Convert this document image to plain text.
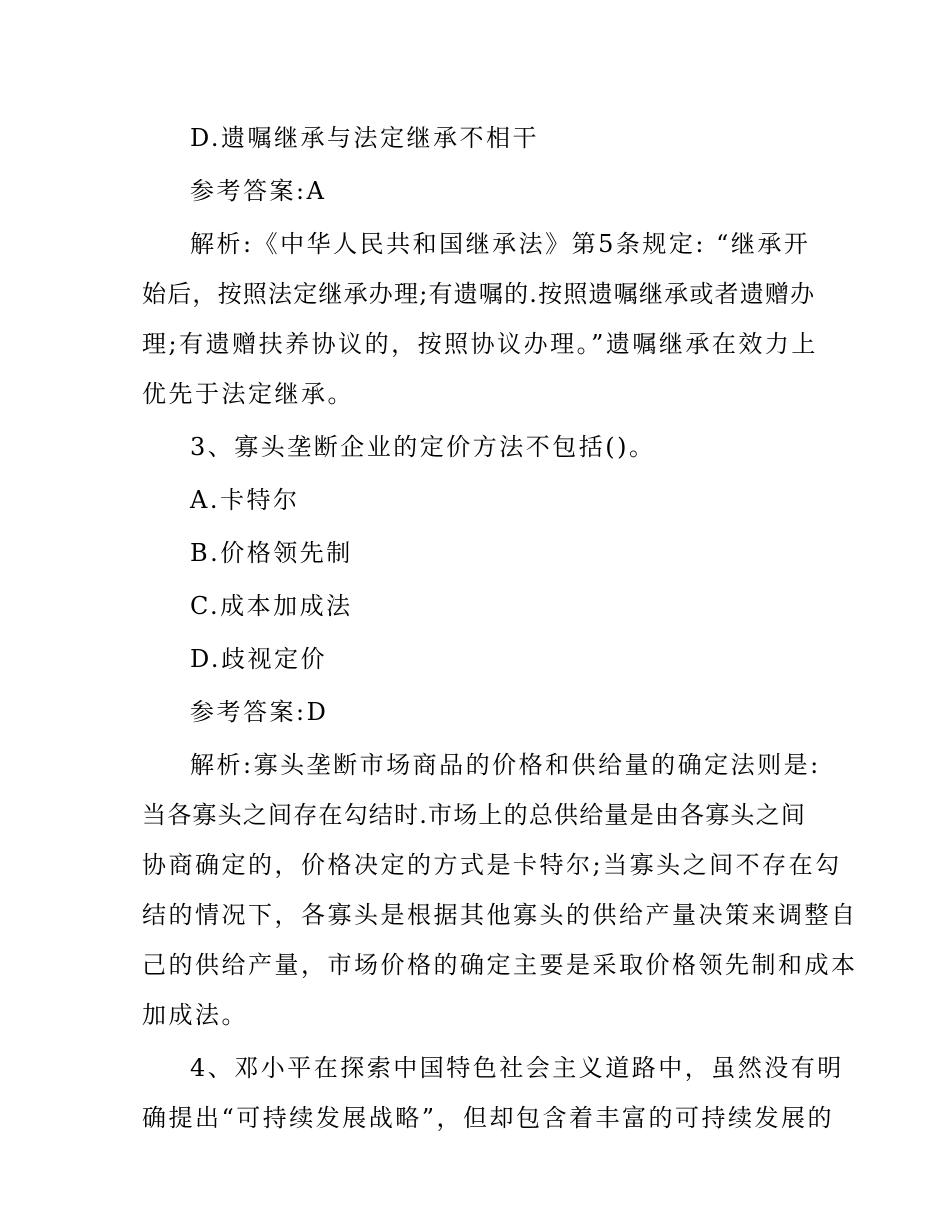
D.遗嘱继承与法定继承不相干

参考答案:A

解析:《中华人民共和国继承法》第5条规定: “继承开

始后，按照法定继承办理;有遗嘱的.按照遗嘱继承或者遗赠办

理;有遗赠扶养协议的，按照协议办理。”遗嘱继承在效力上

优先于法定继承。

3、寡头垄断企业的定价方法不包括()。

A.卡特尔

B.价格领先制

C.成本加成法

D.歧视定价

参考答案:D

解析:寡头垄断市场商品的价格和供给量的确定法则是:

当各寡头之间存在勾结时.市场上的总供给量是由各寡头之间

协商确定的，价格决定的方式是卡特尔;当寡头之间不存在勾

结的情况下，各寡头是根据其他寡头的供给产量决策来调整自

己的供给产量，市场价格的确定主要是采取价格领先制和成本

加成法。

4、邓小平在探索中国特色社会主义道路中，虽然没有明

确提出“可持续发展战略”，但却包含着丰富的可持续发展的
